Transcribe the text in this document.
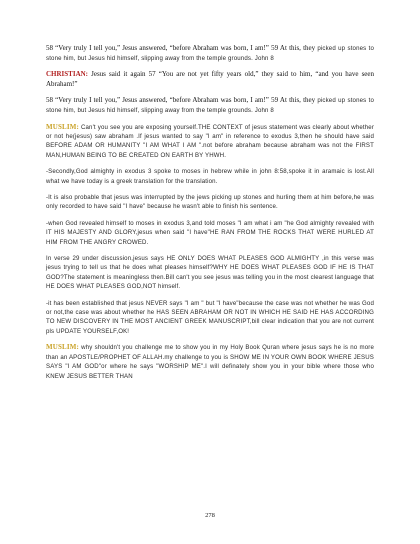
58 “Very truly I tell you,” Jesus answered, “before Abraham was born, I am!” 59 At this, they picked up stones to stone him, but Jesus hid himself, slipping away from the temple grounds. John 8

CHRISTIAN: Jesus said it again 57 “You are not yet fifty years old,” they said to him, “and you have seen Abraham!”

58 “Very truly I tell you,” Jesus answered, “before Abraham was born, I am!” 59 At this, they picked up stones to stone him, but Jesus hid himself, slipping away from the temple grounds. John 8

MUSLIM: Can't you see you are exposing yourself.THE CONTEXT of jesus statement was clearly about whether or not he(jesus) saw abraham .If jesus wanted to say "I am" in reference to exodus 3,then he should have said BEFORE ADAM OR HUMANITY "I AM WHAT I AM ".not before abraham because abraham was not the FIRST MAN,HUMAN BEING TO BE CREATED ON EARTH BY YHWH.

-Secondly,God almighty in exodus 3 spoke to moses in hebrew while in john 8:58,spoke it in aramaic is lost.All what we have today is a greek translation for the translation.

-It is also probable that jesus was interrupted by the jews picking up stones and hurling them at him before,he was only recorded to have said "I have" because he wasn't able to finish his sentence.

-when God revealed himself to moses in exodus 3,and told moses "I am what i am "he God almighty revealed with IT HIS MAJESTY AND GLORY,jesus when said "I have"HE RAN FROM THE ROCKS THAT WERE HURLED AT HIM FROM THE ANGRY CROWED.

In verse 29 under discussion,jesus says HE ONLY DOES WHAT PLEASES GOD ALMIGHTY ,in this verse was jesus trying to tell us that he does what pleases himself?WHY HE DOES WHAT PLEASES GOD IF HE IS THAT GOD?The statement is meaningless then.Bill can't you see jesus was telling you in the most clearest language that HE DOES WHAT PLEASES GOD,NOT himself.

-it has been established that jesus NEVER says "I am " but "I have"because the case was not whether he was God or not,the case was about whether he HAS SEEN ABRAHAM OR NOT IN WHICH HE SAID HE HAS ACCORDING TO NEW DISCOVERY IN THE MOST ANCIENT GREEK MANUSCRIPT,bill clear indication that you are not current pls UPDATE YOURSELF,OK!

MUSLIM: why shouldn't you challenge me to show you in my Holy Book Quran where jesus says he is no more than an APOSTLE/PROPHET OF ALLAH.my challenge to you is SHOW ME IN YOUR OWN BOOK WHERE JESUS SAYS "I AM GOD"or where he says "WORSHIP ME".I will definately show you in your bible where those who KNEW JESUS BETTER THAN

278
